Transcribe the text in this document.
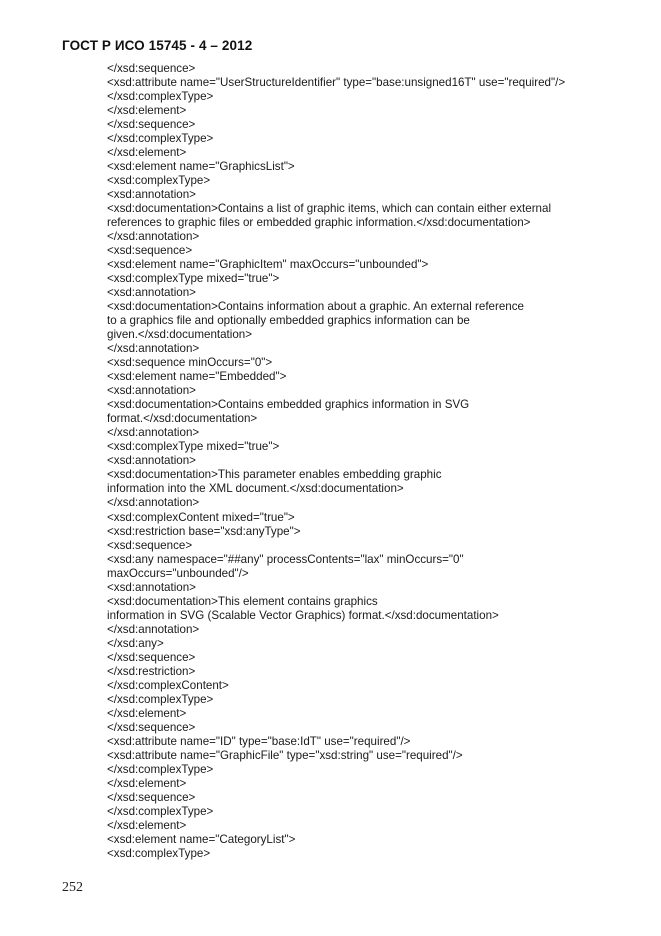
ГОСТ Р ИСО 15745 - 4 – 2012
</xsd:sequence>
<xsd:attribute name="UserStructureIdentifier" type="base:unsigned16T" use="required"/>
</xsd:complexType>
</xsd:element>
</xsd:sequence>
</xsd:complexType>
</xsd:element>
<xsd:element name="GraphicsList">
<xsd:complexType>
<xsd:annotation>
<xsd:documentation>Contains a list of graphic items, which can contain either external
references to graphic files or embedded graphic information.</xsd:documentation>
</xsd:annotation>
<xsd:sequence>
<xsd:element name="GraphicItem" maxOccurs="unbounded">
<xsd:complexType mixed="true">
<xsd:annotation>
<xsd:documentation>Contains information about a graphic. An external reference
to a graphics file and optionally embedded graphics information can be
given.</xsd:documentation>
</xsd:annotation>
<xsd:sequence minOccurs="0">
<xsd:element name="Embedded">
<xsd:annotation>
<xsd:documentation>Contains embedded graphics information in SVG
format.</xsd:documentation>
</xsd:annotation>
<xsd:complexType mixed="true">
<xsd:annotation>
<xsd:documentation>This parameter enables embedding graphic
information into the XML document.</xsd:documentation>
</xsd:annotation>
<xsd:complexContent mixed="true">
<xsd:restriction base="xsd:anyType">
<xsd:sequence>
<xsd:any namespace="##any" processContents="lax" minOccurs="0"
maxOccurs="unbounded"/>
<xsd:annotation>
<xsd:documentation>This element contains graphics
information in SVG (Scalable Vector Graphics) format.</xsd:documentation>
</xsd:annotation>
</xsd:any>
</xsd:sequence>
</xsd:restriction>
</xsd:complexContent>
</xsd:complexType>
</xsd:element>
</xsd:sequence>
<xsd:attribute name="ID" type="base:IdT" use="required"/>
<xsd:attribute name="GraphicFile" type="xsd:string" use="required"/>
</xsd:complexType>
</xsd:element>
</xsd:sequence>
</xsd:complexType>
</xsd:element>
<xsd:element name="CategoryList">
<xsd:complexType>
252
